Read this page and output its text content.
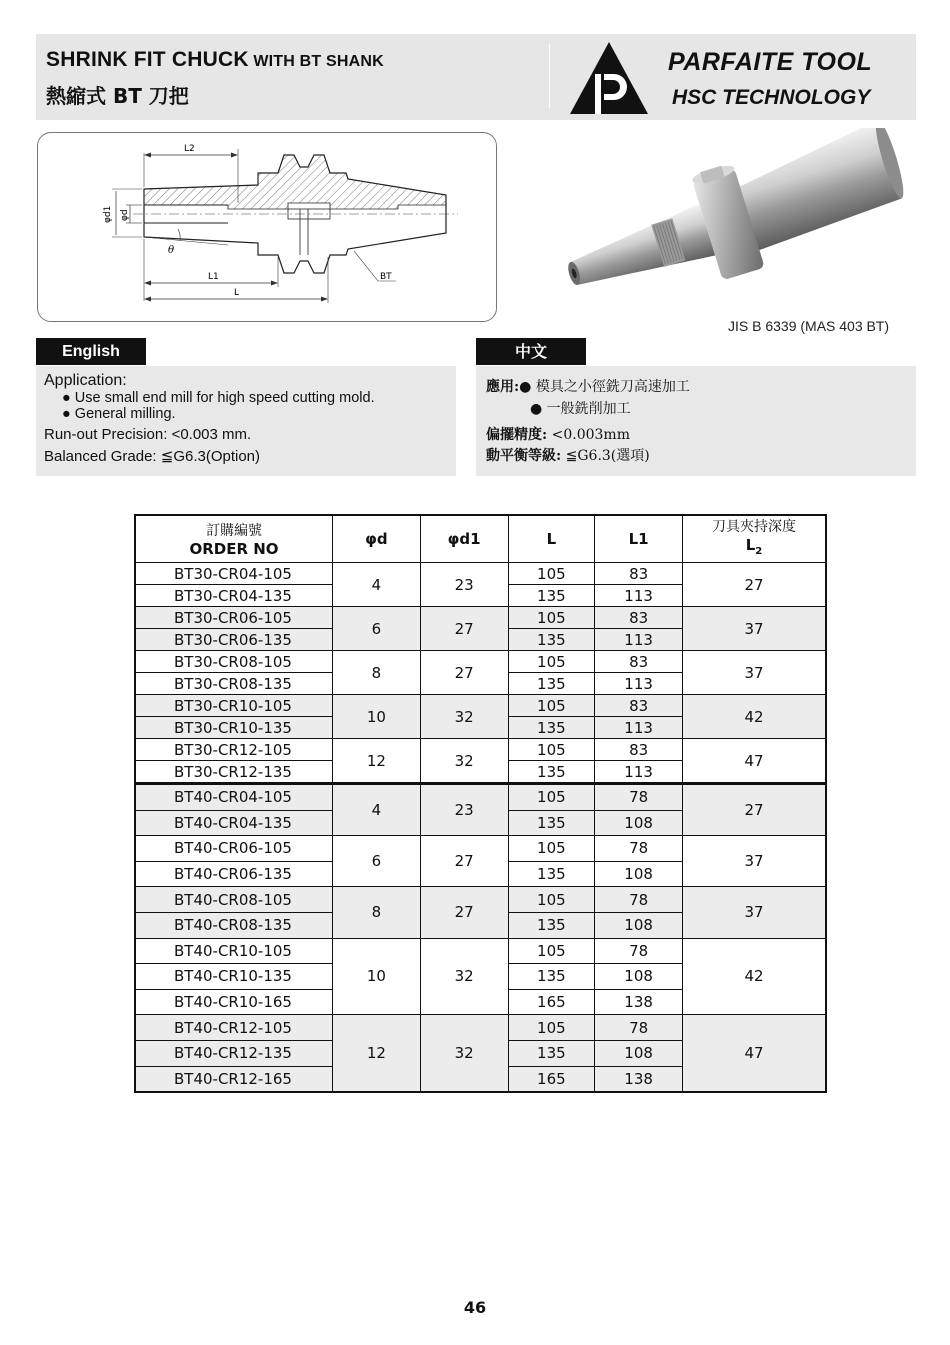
SHRINK FIT CHUCK WITH BT SHANK
熱縮式 BT 刀把
PARFAITE TOOL
HSC TECHNOLOGY
L2
φd1 φd
θ
L1
L
BT
JIS B 6339 (MAS 403 BT)
English	中文
Application:
● Use small end mill for high speed cutting mold.
● General milling.
Run-out Precision: <0.003 mm.
Balanced Grade: ≦G6.3(Option)
應用:● 模具之小徑銑刀高速加工
● 一般銑削加工
偏擺精度: <0.003mm
動平衡等級: ≦G6.3(選項)
訂購編號
ORDER NO	φd	φd1	L	L1	刀具夾持深度
$L_2$
BT30-CR04-105	4	23	105	83	27
BT30-CR04-135			135	113	
BT30-CR06-105	6	27	105	83	37
BT30-CR06-135			135	113	
BT30-CR08-105	8	27	105	83	37
BT30-CR08-135			135	113	
BT30-CR10-105	10	32	105	83	42
BT30-CR10-135			135	113	
BT30-CR12-105	12	32	105	83	47
BT30-CR12-135			135	113	
BT40-CR04-105	4	23	105	78	27
BT40-CR04-135			135	108	
BT40-CR06-105	6	27	105	78	37
BT40-CR06-135			135	108	
BT40-CR08-105	8	27	105	78	37
BT40-CR08-135			135	108	
BT40-CR10-105	10	32	105	78	42
BT40-CR10-135			135	108	
BT40-CR10-165			165	138	
BT40-CR12-105	12	32	105	78	47
BT40-CR12-135			135	108	
BT40-CR12-165			165	138	
46
